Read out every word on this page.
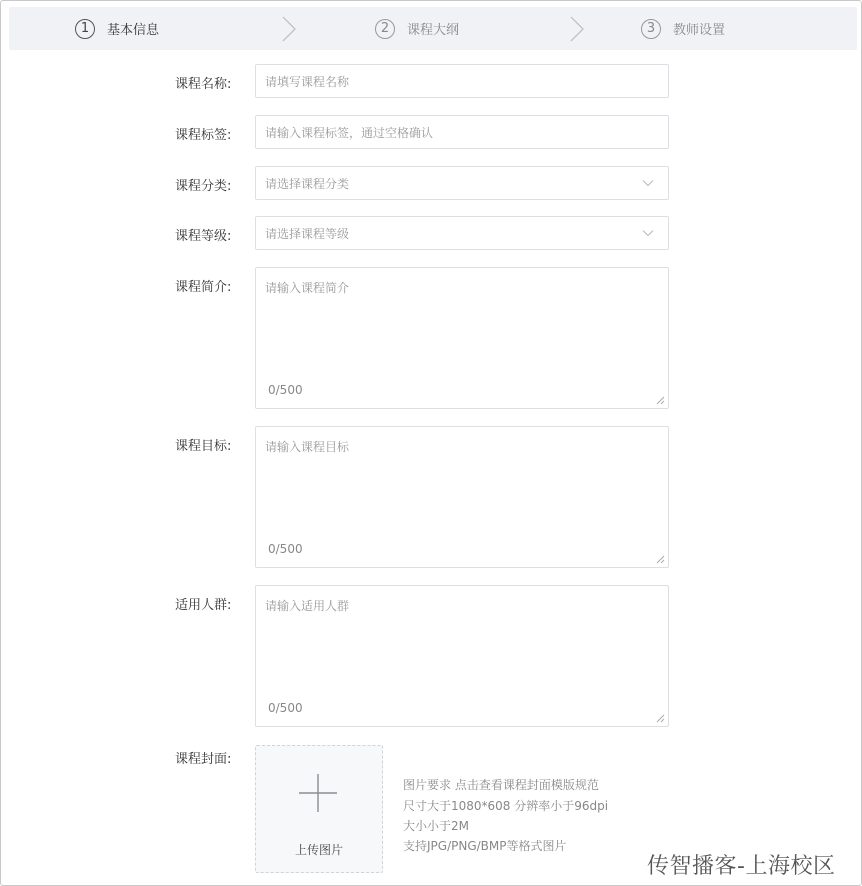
1	基本信息	2	课程大纲	3	教师设置
课程名称:	请填写课程名称
课程标签:	请输入课程标签，通过空格确认
课程分类:	请选择课程分类
课程等级:	请选择课程等级
课程简介:	请输入课程简介
0/500
课程目标:	请输入课程目标
0/500
适用人群:	请输入适用人群
0/500
课程封面:
上传图片
图片要求 点击查看课程封面模版规范
尺寸大于1080*608 分辨率小于96dpi
大小小于2M
支持JPG/PNG/BMP等格式图片
传智播客-上海校区
